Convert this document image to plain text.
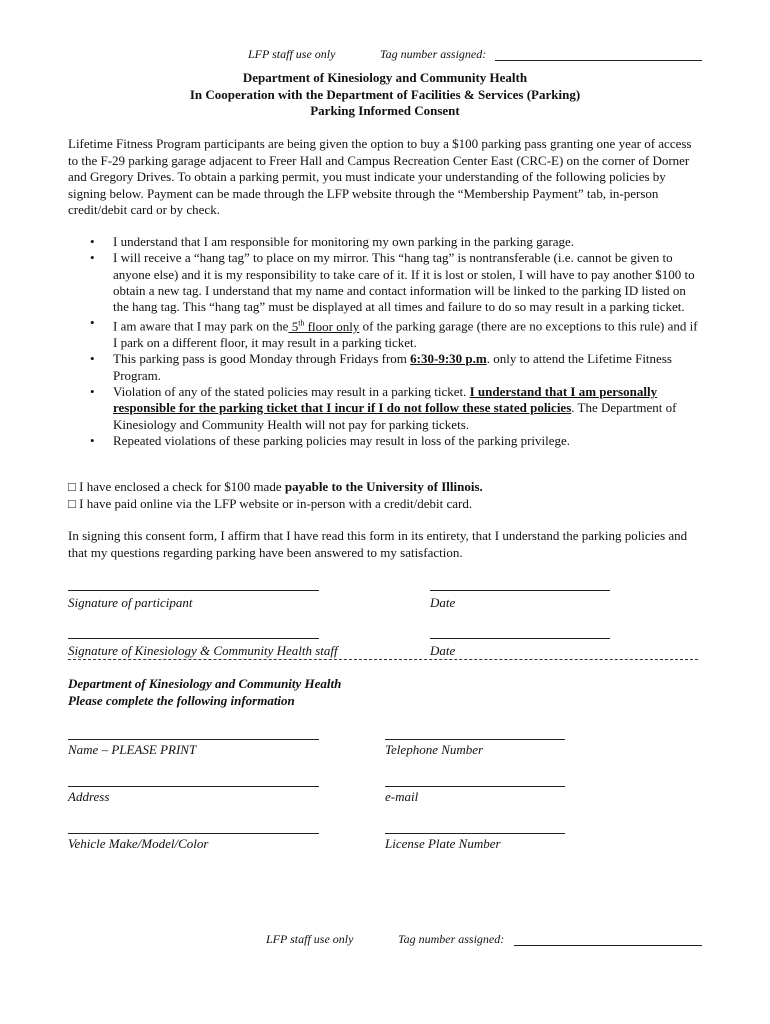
LFP staff use only	Tag number assigned:
Department of Kinesiology and Community Health
In Cooperation with the Department of Facilities & Services (Parking)
Parking Informed Consent
Lifetime Fitness Program participants are being given the option to buy a $100 parking pass granting one year of access to the F-29 parking garage adjacent to Freer Hall and Campus Recreation Center East (CRC-E) on the corner of Dorner and Gregory Drives. To obtain a parking permit, you must indicate your understanding of the following policies by signing below. Payment can be made through the LFP website through the “Membership Payment” tab, in-person credit/debit card or by check.
• I understand that I am responsible for monitoring my own parking in the parking garage.
• I will receive a “hang tag” to place on my mirror. This “hang tag” is nontransferable (i.e. cannot be given to anyone else) and it is my responsibility to take care of it. If it is lost or stolen, I will have to pay another $100 to obtain a new tag. I understand that my name and contact information will be linked to the parking ID listed on the hang tag. This “hang tag” must be displayed at all times and failure to do so may result in a parking ticket.
• I am aware that I may park on the 5th floor only of the parking garage (there are no exceptions to this rule) and if I park on a different floor, it may result in a parking ticket.
• This parking pass is good Monday through Fridays from 6:30-9:30 p.m. only to attend the Lifetime Fitness Program.
• Violation of any of the stated policies may result in a parking ticket. I understand that I am personally responsible for the parking ticket that I incur if I do not follow these stated policies. The Department of Kinesiology and Community Health will not pay for parking tickets.
• Repeated violations of these parking policies may result in loss of the parking privilege.
□ I have enclosed a check for $100 made payable to the University of Illinois.
□ I have paid online via the LFP website or in-person with a credit/debit card.
In signing this consent form, I affirm that I have read this form in its entirety, that I understand the parking policies and that my questions regarding parking have been answered to my satisfaction.
Signature of participant	Date
Signature of Kinesiology & Community Health staff	Date
Department of Kinesiology and Community Health
Please complete the following information
Name – PLEASE PRINT	Telephone Number
Address	e-mail
Vehicle Make/Model/Color	License Plate Number
LFP staff use only	Tag number assigned:
